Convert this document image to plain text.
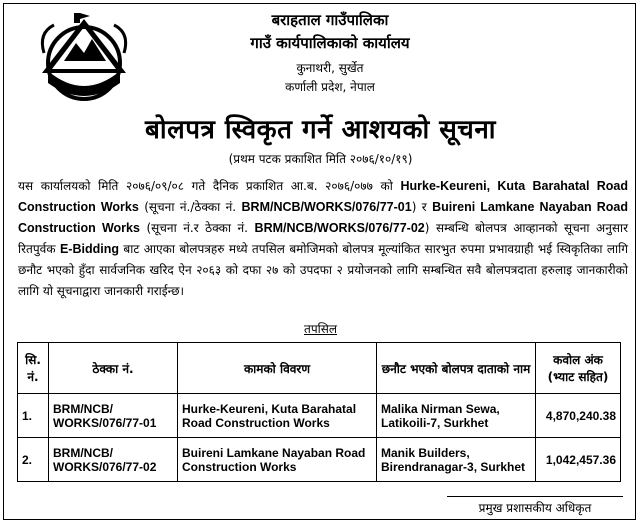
बराहताल गाउँपालिका
गाउँ कार्यपालिकाको कार्यालय
कुनाथरी, सुर्खेत
कर्णाली प्रदेश, नेपाल
बोलपत्र स्विकृत गर्ने आशयको सूचना
(प्रथम पटक प्रकाशित मिति २०७६/१०/१९)
यस कार्यालयको मिति २०७६/०९/०८ गते दैनिक प्रकाशित आ.ब. २०७६/०७७ को Hurke-Keureni, Kuta Barahatal Road Construction Works (सूचना नं./ठेक्का नं. BRM/NCB/WORKS/076/77-01) र Buireni Lamkane Nayaban Road Construction Works (सूचना नं.र ठेक्का नं. BRM/NCB/WORKS/076/77-02) सम्बन्धि बोलपत्र आव्हानको सूचना अनुसार रितपुर्वक E-Bidding बाट आएका बोलपत्रहरु मध्ये तपसिल बमोजिमको बोलपत्र मूल्यांकित सारभुत रुपमा प्रभावग्राही भई स्विकृतिका लागि छनौट भएको हुँदा सार्वजनिक खरिद ऐन २०६३ को दफा २७ को उपदफा २ प्रयोजनको लागि सम्बन्धित सवै बोलपत्रदाता हरुलाइ जानकारीको लागि यो सूचनाद्वारा जानकारी गराईन्छ।
तपसिल
सि. नं.	ठेक्का नं.	कामको विवरण	छनौट भएको बोलपत्र दाताको नाम	कवोल अंक (भ्याट सहित)
1.	BRM/NCB/ WORKS/076/77-01	Hurke-Keureni, Kuta Barahatal Road Construction Works	Malika Nirman Sewa, Latikoili-7, Surkhet	4,870,240.38
2.	BRM/NCB/ WORKS/076/77-02	Buireni Lamkane Nayaban Road Construction Works	Manik Builders, Birendranagar-3, Surkhet	1,042,457.36
प्रमुख प्रशासकीय अधिकृत
